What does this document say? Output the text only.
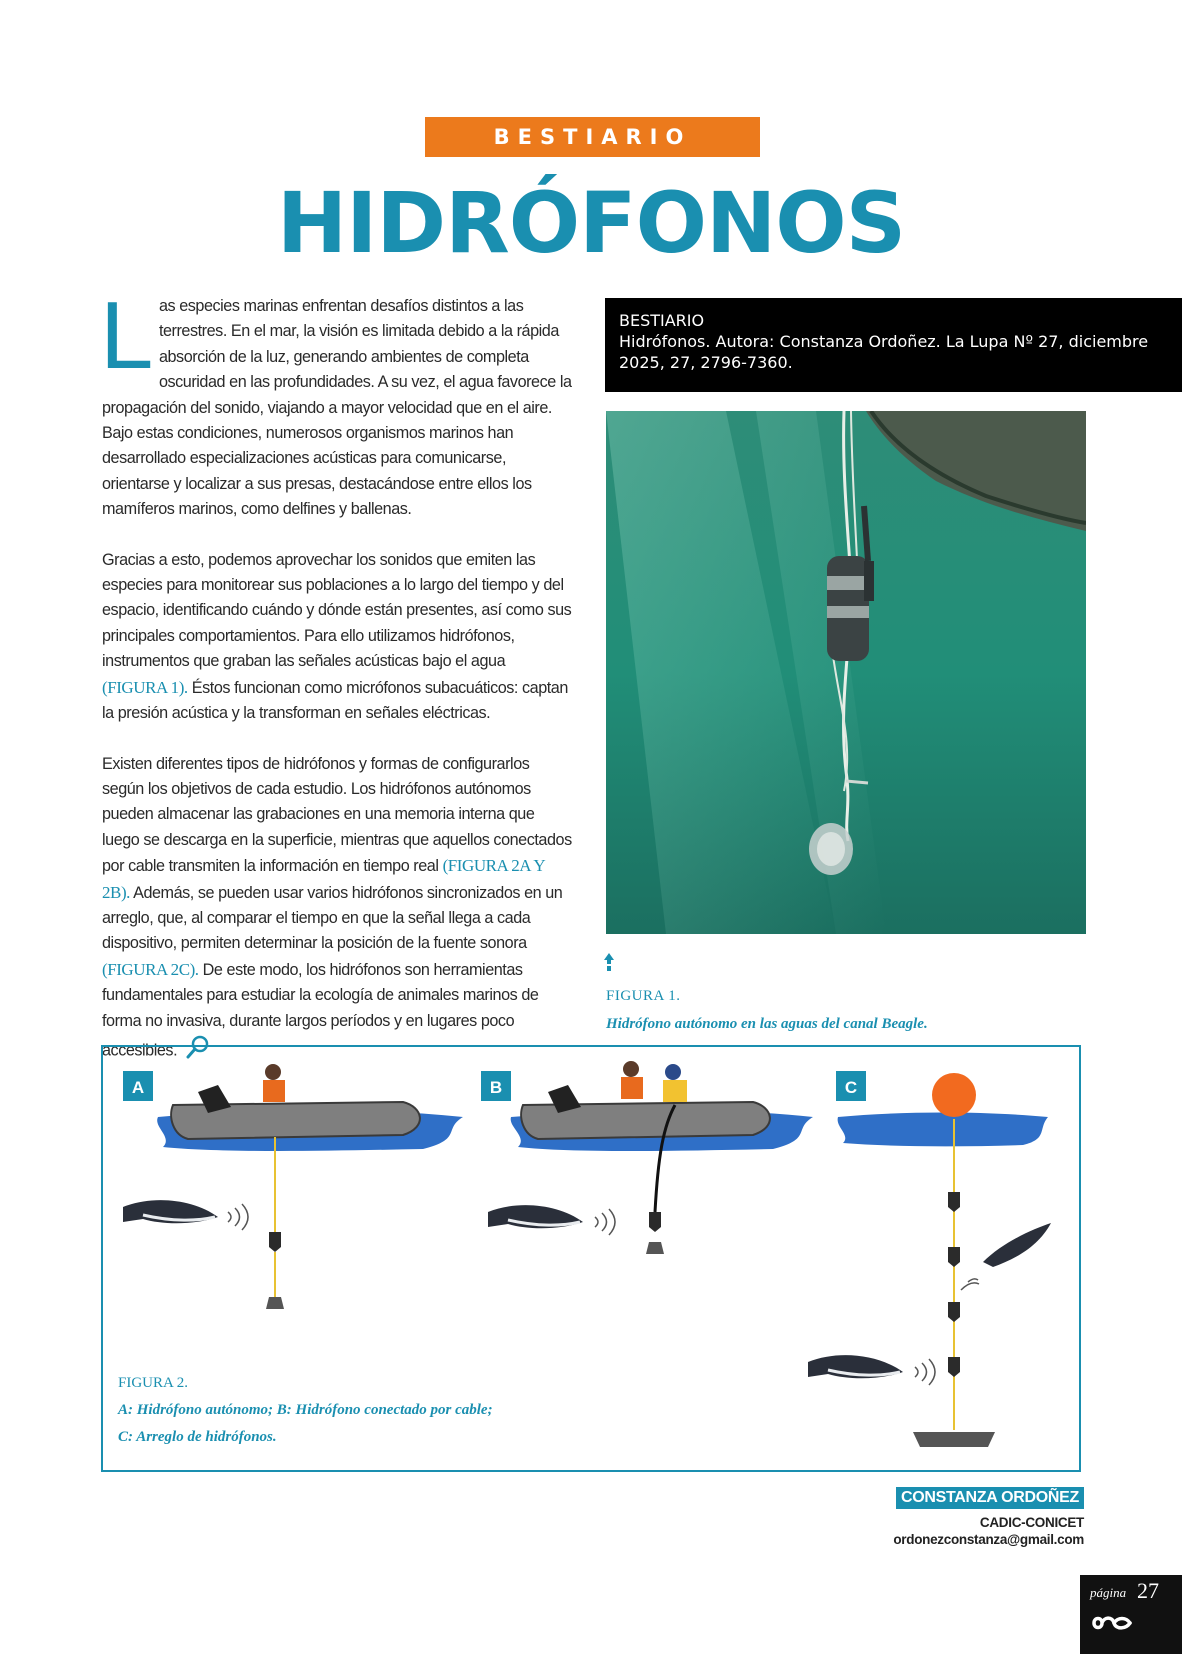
BESTIARIO
HIDRÓFONOS

Las especies marinas enfrentan desafíos distintos a las terrestres. En el mar, la visión es limitada debido a la rápida absorción de la luz, generando ambientes de completa oscuridad en las profundidades. A su vez, el agua favorece la propagación del sonido, viajando a mayor velocidad que en el aire. Bajo estas condiciones, numerosos organismos marinos han desarrollado especializaciones acústicas para comunicarse, orientarse y localizar a sus presas, destacándose entre ellos los mamíferos marinos, como delfines y ballenas.

Gracias a esto, podemos aprovechar los sonidos que emiten las especies para monitorear sus poblaciones a lo largo del tiempo y del espacio, identificando cuándo y dónde están presentes, así como sus principales comportamientos. Para ello utilizamos hidrófonos, instrumentos que graban las señales acústicas bajo el agua (FIGURA 1). Éstos funcionan como micrófonos subacuáticos: captan la presión acústica y la transforman en señales eléctricas.

Existen diferentes tipos de hidrófonos y formas de configurarlos según los objetivos de cada estudio. Los hidrófonos autónomos pueden almacenar las grabaciones en una memoria interna que luego se descarga en la superficie, mientras que aquellos conectados por cable transmiten la información en tiempo real (FIGURA 2A Y 2B). Además, se pueden usar varios hidrófonos sincronizados en un arreglo, que, al comparar el tiempo en que la señal llega a cada dispositivo, permiten determinar la posición de la fuente sonora (FIGURA 2C). De este modo, los hidrófonos son herramientas fundamentales para estudiar la ecología de animales marinos de forma no invasiva, durante largos períodos y en lugares poco accesibles.

BESTIARIO
Hidrófonos. Autora: Constanza Ordoñez. La Lupa Nº 27, diciembre 2025, 27, 2796-7360.
FIGURA 1.
Hidrófono autónomo en las aguas del canal Beagle.
A	B	C
FIGURA 2.
A: Hidrófono autónomo; B: Hidrófono conectado por cable;
C: Arreglo de hidrófonos.
CONSTANZA ORDOÑEZ
CADIC-CONICET
ordonezconstanza@gmail.com
página 27
